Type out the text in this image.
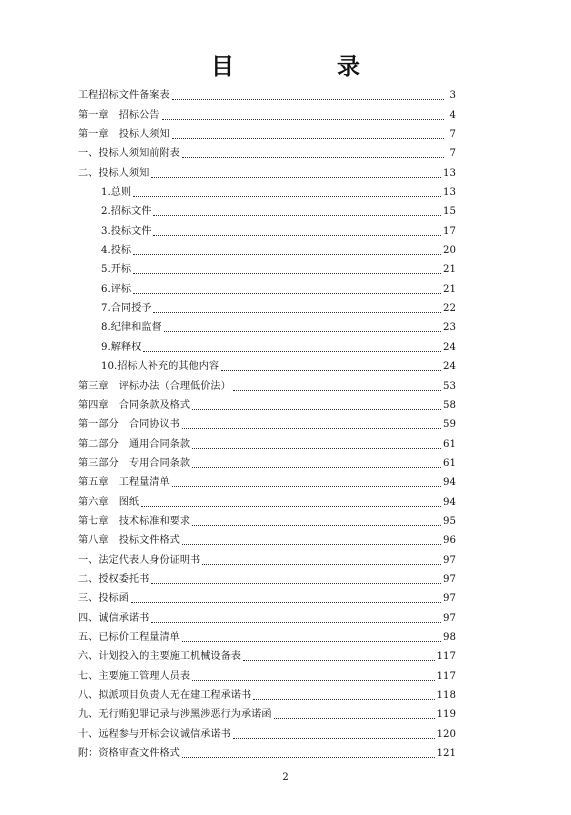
目　录
工程招标文件备案表	3
第一章　招标公告	4
第一章　投标人须知	7
一、投标人须知前附表	7
二、投标人须知	13
1.总则	13
2.招标文件	15
3.投标文件	17
4.投标	20
5.开标	21
6.评标	21
7.合同授予	22
8.纪律和监督	23
9.解释权	24
10.招标人补充的其他内容	24
第三章　评标办法（合理低价法）	53
第四章　合同条款及格式	58
第一部分　合同协议书	59
第二部分　通用合同条款	61
第三部分　专用合同条款	61
第五章　工程量清单	94
第六章　图纸	94
第七章　技术标准和要求	95
第八章　投标文件格式	96
一、法定代表人身份证明书	97
二、授权委托书	97
三、投标函	97
四、诚信承诺书	97
五、已标价工程量清单	98
六、计划投入的主要施工机械设备表	117
七、主要施工管理人员表	117
八、拟派项目负责人无在建工程承诺书	118
九、无行贿犯罪记录与涉黑涉恶行为承诺函	119
十、远程参与开标会议诚信承诺书	120
附：资格审查文件格式	121
2
